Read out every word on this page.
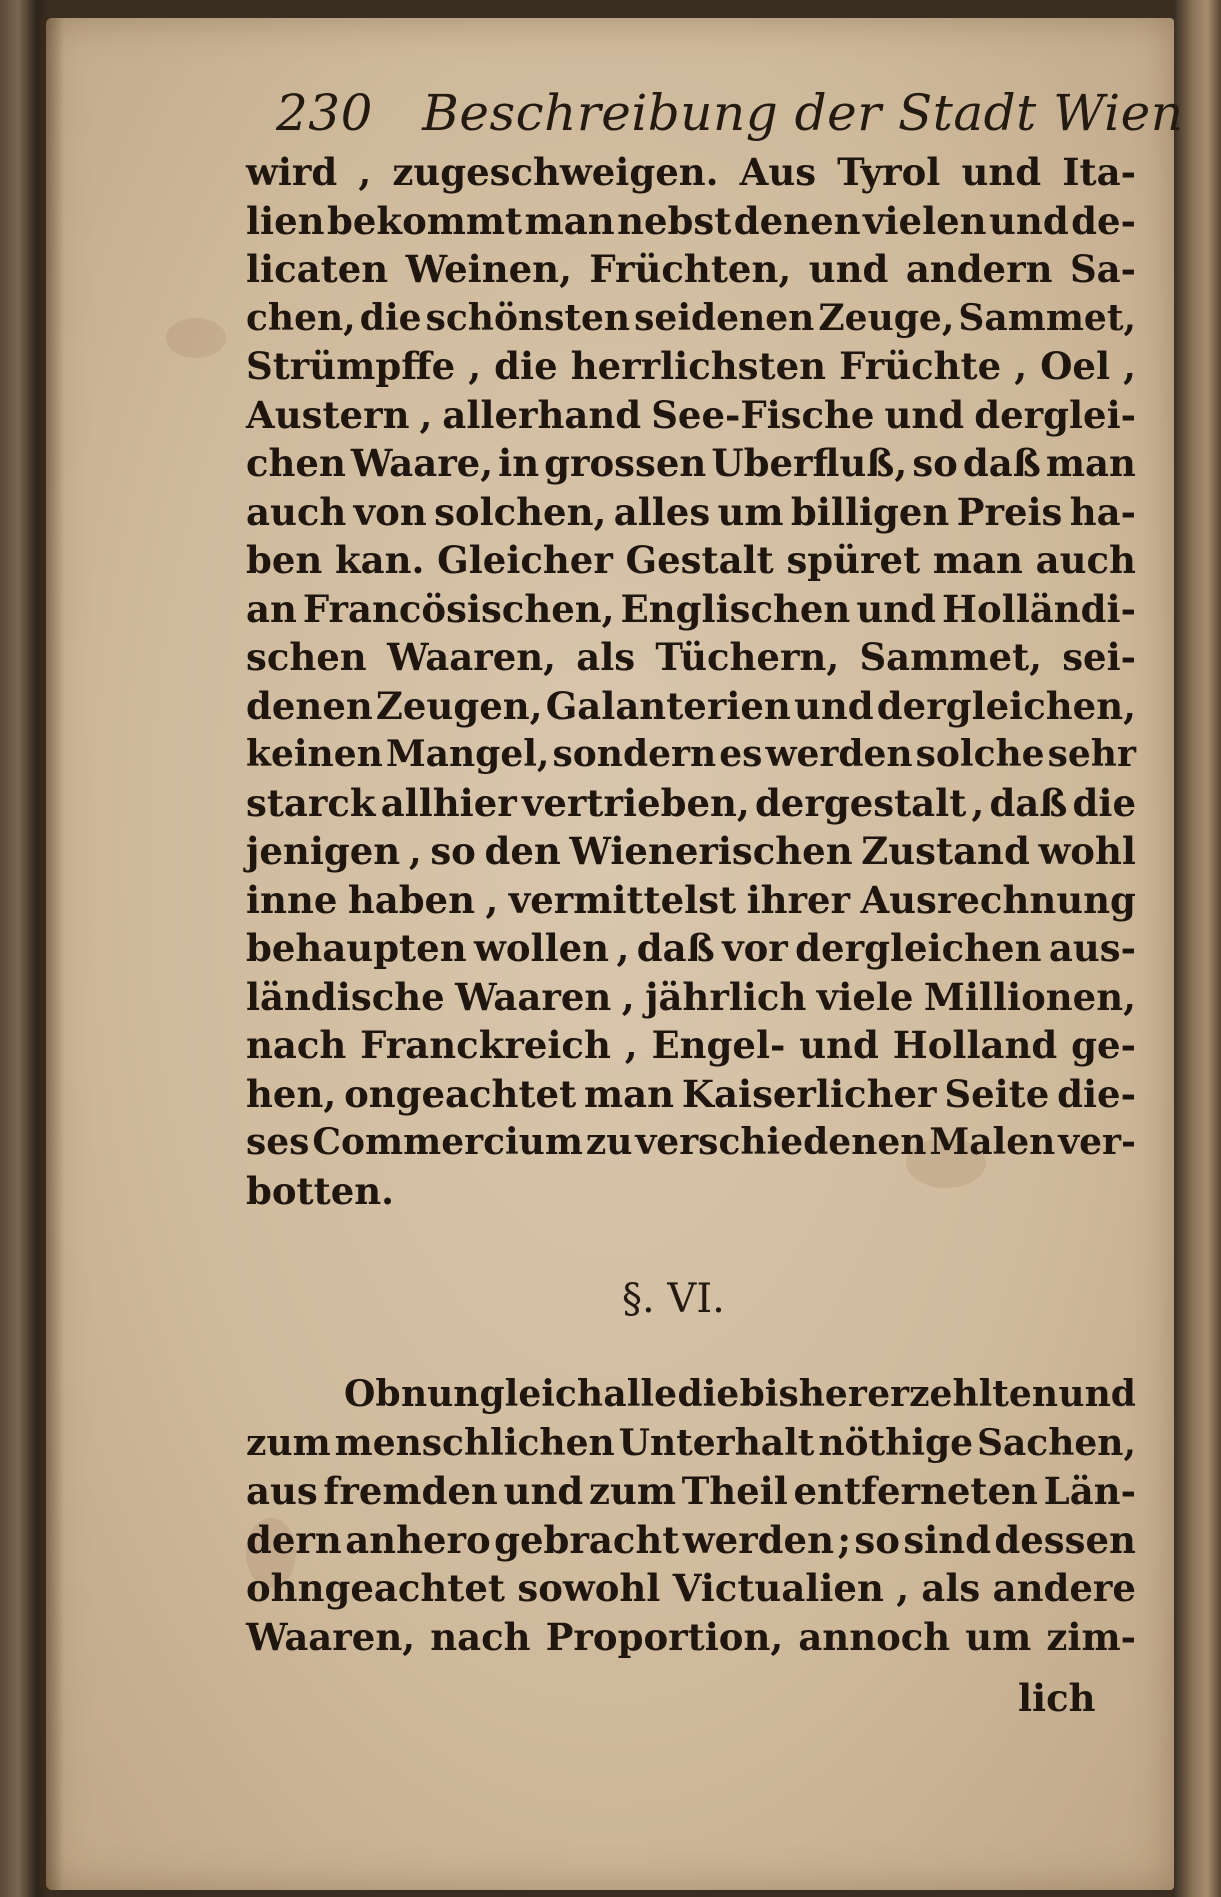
230 Beschreibung der Stadt Wien
wird , zugeschweigen. Aus Tyrol und Ita-
lien bekommt man nebst denen vielen und de-
licaten Weinen, Früchten, und andern Sa-
chen, die schönsten seidenen Zeuge, Sammet,
Strümpffe , die herrlichsten Früchte , Oel ,
Austern , allerhand See-Fische und derglei-
chen Waare, in grossen Uberfluß, so daß man
auch von solchen, alles um billigen Preis ha-
ben kan. Gleicher Gestalt spüret man auch
an Francösischen, Englischen und Holländi-
schen Waaren, als Tüchern, Sammet, sei-
denen Zeugen, Galanterien und dergleichen,
keinen Mangel, sondern es werden solche sehr
starck allhier vertrieben, dergestalt , daß die
jenigen , so den Wienerischen Zustand wohl
inne haben , vermittelst ihrer Ausrechnung
behaupten wollen , daß vor dergleichen aus-
ländische Waaren , jährlich viele Millionen,
nach Franckreich , Engel- und Holland ge-
hen, ongeachtet man Kaiserlicher Seite die-
ses Commercium zu verschiedenen Malen ver-
botten.
§. VI.
Ob nungleich alle die bisher erzehlten und
zum menschlichen Unterhalt nöthige Sachen,
aus fremden und zum Theil entferneten Län-
dern anhero gebracht werden ; so sind dessen
ohngeachtet sowohl Victualien , als andere
Waaren, nach Proportion, annoch um zim-
lich
